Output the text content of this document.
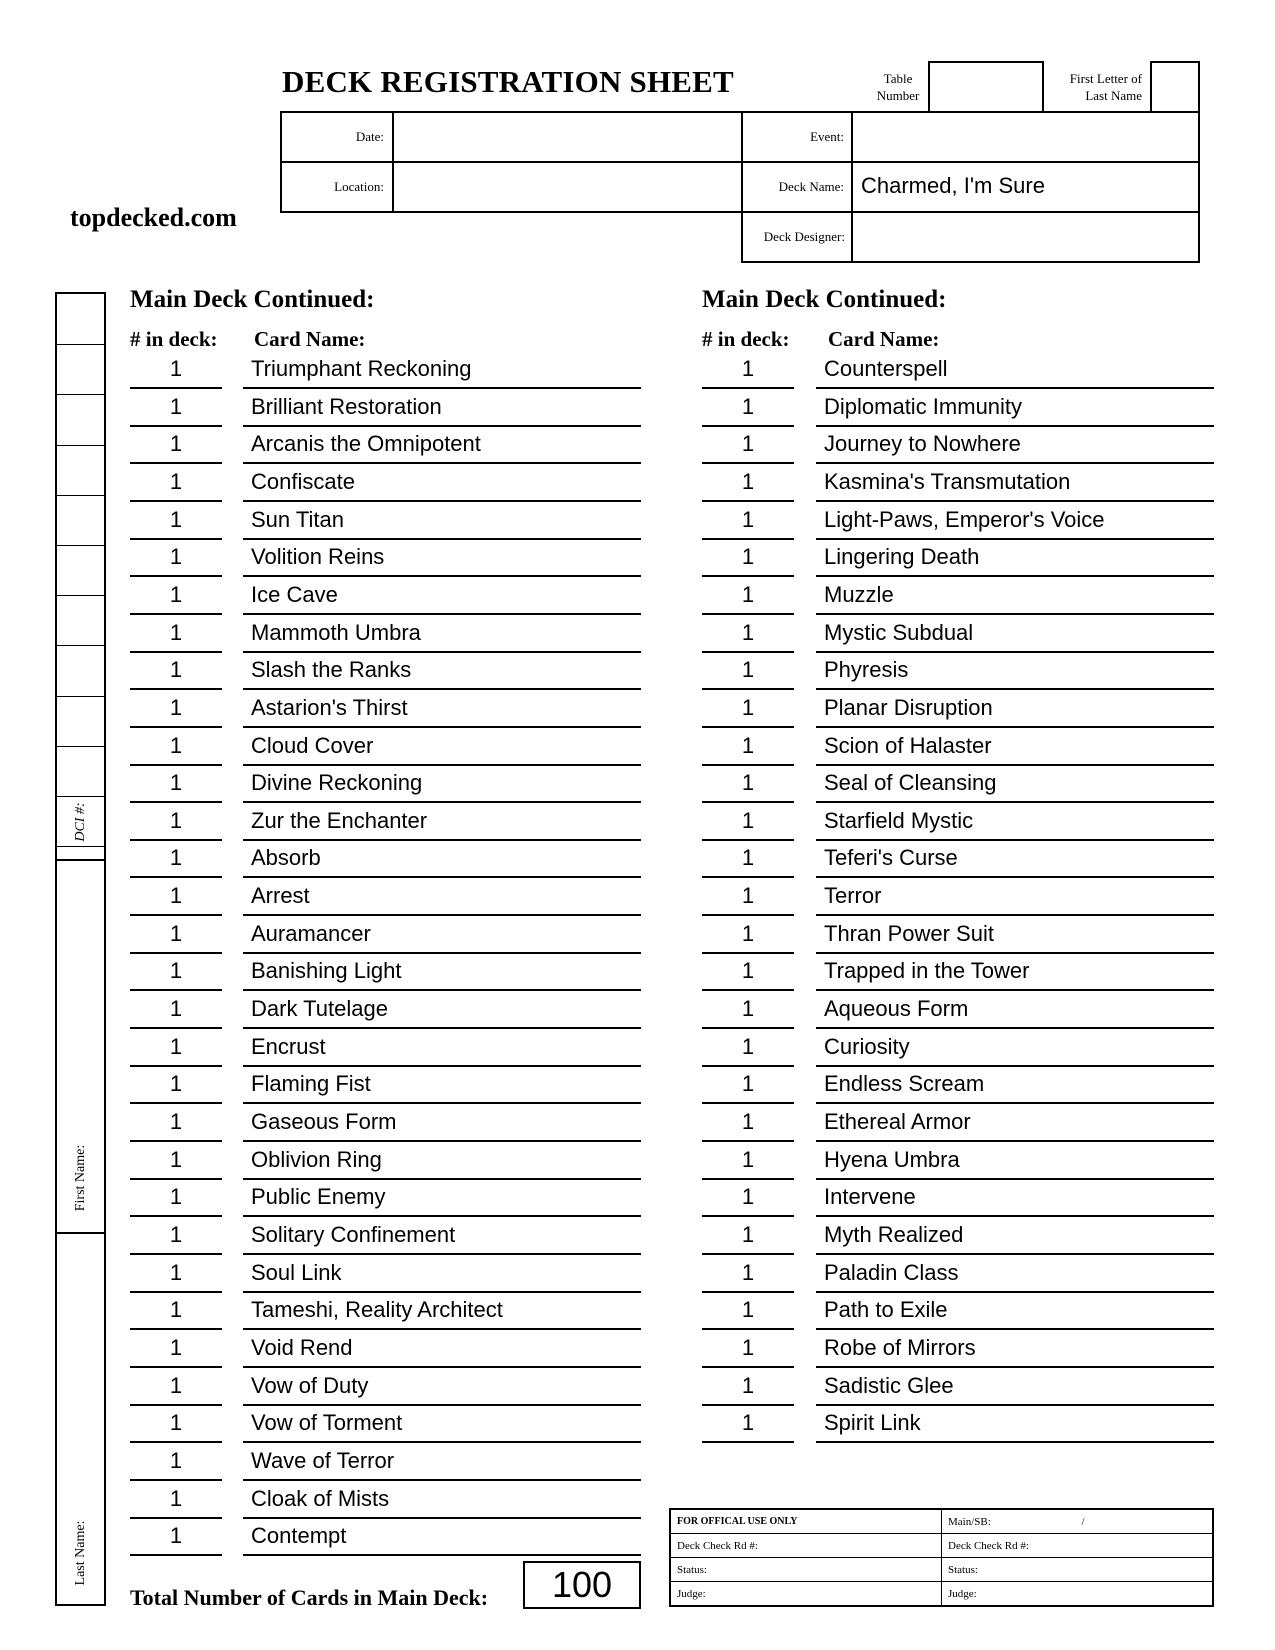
DECK REGISTRATION SHEET	Table
Number
First Letter of
Last Name
topdecked.com
Date:	Event:
Location:	Deck Name: Charmed, I'm Sure
Deck Designer:
DCI #:
First Name:
Last Name:
Main Deck Continued:
# in deck: Card Name:
Main Deck Continued:
# in deck: Card Name:
1	Triumphant Reckoning
1	Brilliant Restoration
1	Arcanis the Omnipotent
1	Confiscate
1	Sun Titan
1	Volition Reins
1	Ice Cave
1	Mammoth Umbra
1	Slash the Ranks
1	Astarion's Thirst
1	Cloud Cover
1	Divine Reckoning
1	Zur the Enchanter
1	Absorb
1	Arrest
1	Auramancer
1	Banishing Light
1	Dark Tutelage
1	Encrust
1	Flaming Fist
1	Gaseous Form
1	Oblivion Ring
1	Public Enemy
1	Solitary Confinement
1	Soul Link
1	Tameshi, Reality Architect
1	Void Rend
1	Vow of Duty
1	Vow of Torment
1	Wave of Terror
1	Cloak of Mists
1	Contempt
1	Counterspell
1	Diplomatic Immunity
1	Journey to Nowhere
1	Kasmina's Transmutation
1	Light-Paws, Emperor's Voice
1	Lingering Death
1	Muzzle
1	Mystic Subdual
1	Phyresis
1	Planar Disruption
1	Scion of Halaster
1	Seal of Cleansing
1	Starfield Mystic
1	Teferi's Curse
1	Terror
1	Thran Power Suit
1	Trapped in the Tower
1	Aqueous Form
1	Curiosity
1	Endless Scream
1	Ethereal Armor
1	Hyena Umbra
1	Intervene
1	Myth Realized
1	Paladin Class
1	Path to Exile
1	Robe of Mirrors
1	Sadistic Glee
1	Spirit Link
Total Number of Cards in Main Deck:	100
FOR OFFICAL USE ONLY	Main/SB: /
Deck Check Rd #:	Deck Check Rd #:
Status:	Status:
Judge:	Judge:
